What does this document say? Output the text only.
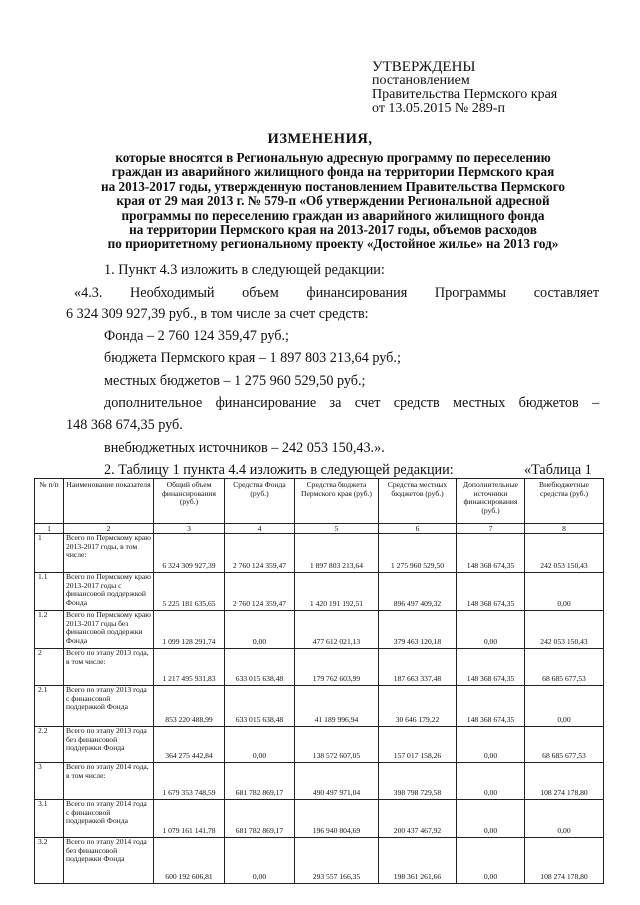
УТВЕРЖДЕНЫ
постановлением
Правительства Пермского края
от 13.05.2015 № 289-п
ИЗМЕНЕНИЯ,
которые вносятся в Региональную адресную программу по переселению
граждан из аварийного жилищного фонда на территории Пермского края
на 2013-2017 годы, утвержденную постановлением Правительства Пермского
края от 29 мая 2013 г. № 579-п «Об утверждении Региональной адресной
программы по переселению граждан из аварийного жилищного фонда
на территории Пермского края на 2013-2017 годы, объемов расходов
по приоритетному региональному проекту «Достойное жилье» на 2013 год»
1. Пункт 4.3 изложить в следующей редакции:
«4.3. Необходимый объем финансирования Программы составляет
6 324 309 927,39 руб., в том числе за счет средств:
Фонда – 2 760 124 359,47 руб.;
бюджета Пермского края – 1 897 803 213,64 руб.;
местных бюджетов – 1 275 960 529,50 руб.;
дополнительное финансирование за счет средств местных бюджетов –
148 368 674,35 руб.
внебюджетных источников – 242 053 150,43.».
2. Таблицу 1 пункта 4.4 изложить в следующей редакции:	«Таблица 1
№ п/п	Наименование показателя	Общий объем финансирования (руб.)	Средства Фонда (руб.)	Средства бюджета Пермского края (руб.)	Средства местных бюджетов (руб.)	Дополнительные источники финансирования (руб.)	Внебюджетные средства (руб.)
1	2	3	4	5	6	7	8
1	Всего по Пермскому краю 2013-2017 годы, в том числе:	6 324 309 927,39	2 760 124 359,47	1 897 803 213,64	1 275 960 529,50	148 368 674,35	242 053 150,43
1.1	Всего по Пермскому краю 2013-2017 годы с финансовой поддержкой Фонда	5 225 181 635,65	2 760 124 359,47	1 420 191 192,51	896 497 409,32	148 368 674,35	0,00
1.2	Всего по Пермскому краю 2013-2017 годы без финансовой поддержки Фонда	1 099 128 291,74	0,00	477 612 021,13	379 463 120,18	0,00	242 053 150,43
2	Всего по этапу 2013 года, в том числе:	1 217 495 931,83	633 015 638,48	179 762 603,99	187 663 337,48	148 368 674,35	68 685 677,53
2.1	Всего по этапу 2013 года с финансовой поддержкой Фонда	853 220 488,99	633 015 638,48	41 189 996,94	30 646 179,22	148 368 674,35	0,00
2.2	Всего по этапу 2013 года без финансовой поддержки Фонда	364 275 442,84	0,00	138 572 607,05	157 017 158,26	0,00	68 685 677,53
3	Всего по этапу 2014 года, в том числе:	1 679 353 748,59	681 782 869,17	490 497 971,04	398 798 729,58	0,00	108 274 178,80
3.1	Всего по этапу 2014 года с финансовой поддержкой Фонда	1 079 161 141,78	681 782 869,17	196 940 804,69	200 437 467,92	0,00	0,00
3.2	Всего по этапу 2014 года без финансовой поддержки Фонда	600 192 606,81	0,00	293 557 166,35	198 361 261,66	0,00	108 274 178,80
